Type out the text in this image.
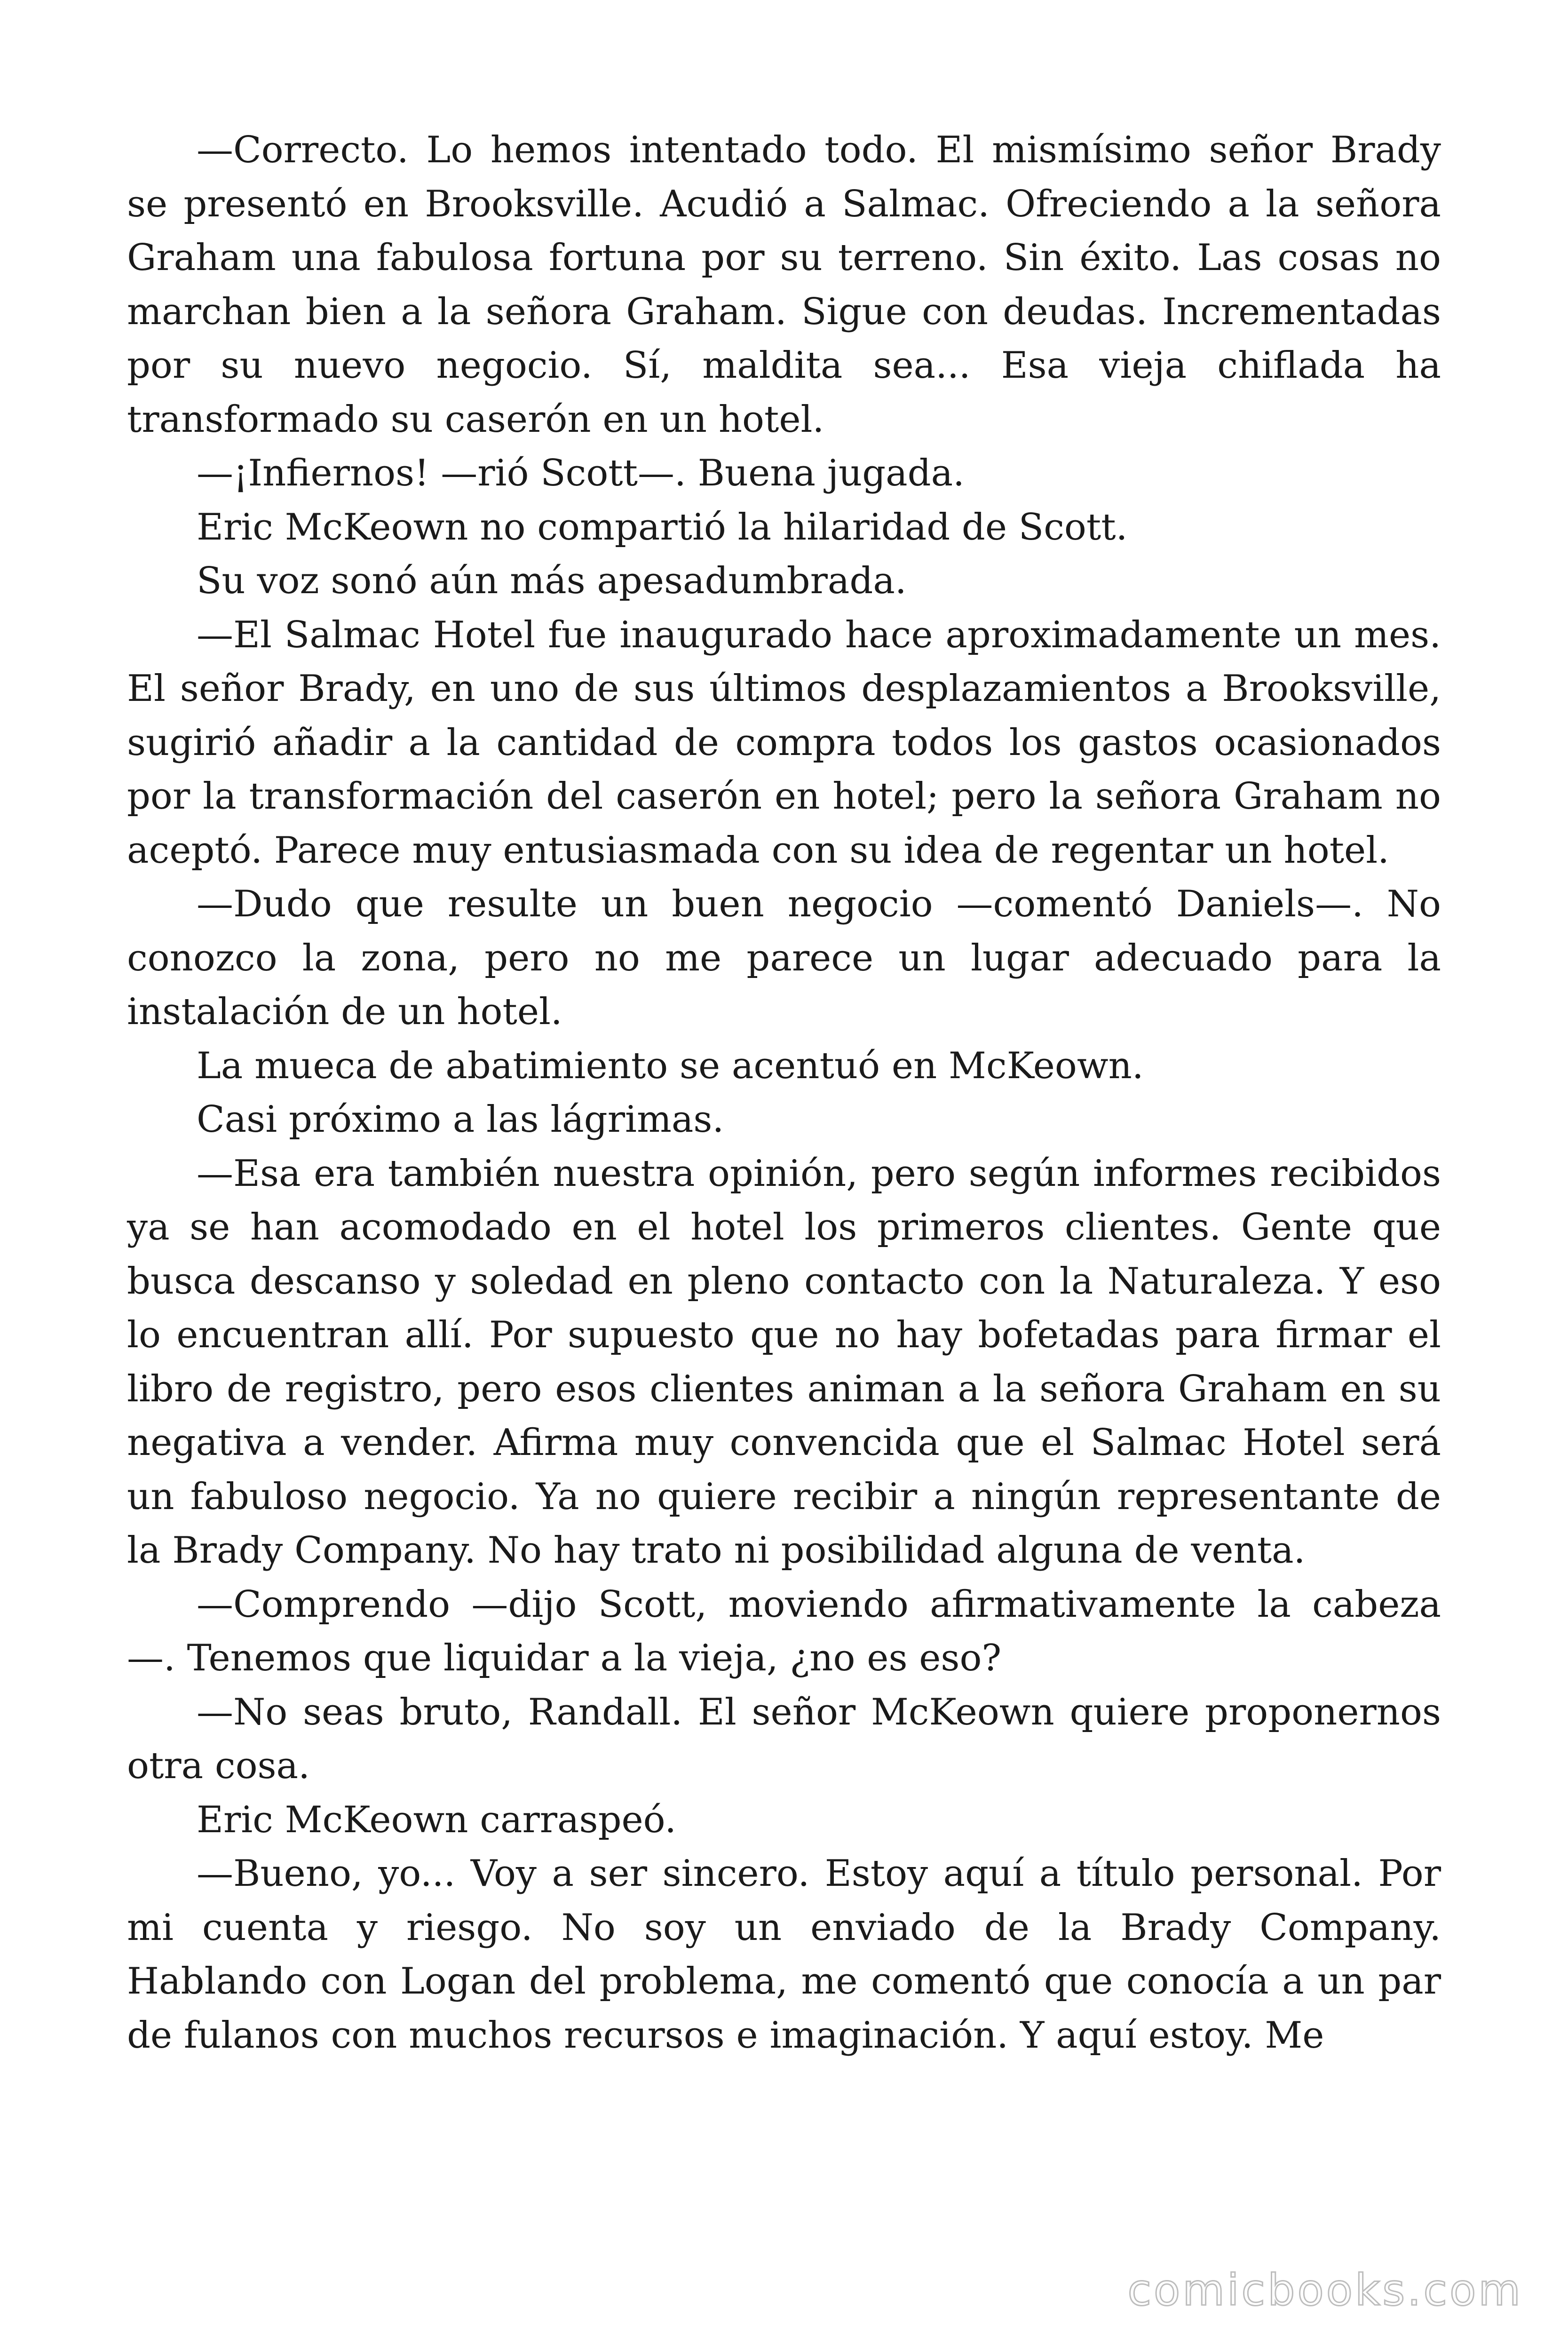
—Correcto. Lo hemos intentado todo. El mismísimo señor Brady se presentó en Brooksville. Acudió a Salmac. Ofreciendo a la señora Graham una fabulosa fortuna por su terreno. Sin éxito. Las cosas no marchan bien a la señora Graham. Sigue con deudas. Incrementadas por su nuevo negocio. Sí, maldita sea... Esa vieja chiflada ha transformado su caserón en un hotel.

—¡Infiernos! —rió Scott—. Buena jugada.

Eric McKeown no compartió la hilaridad de Scott.

Su voz sonó aún más apesadumbrada.

—El Salmac Hotel fue inaugurado hace aproximadamente un mes. El señor Brady, en uno de sus últimos desplazamientos a Brooksville, sugirió añadir a la cantidad de compra todos los gastos ocasionados por la transformación del caserón en hotel; pero la señora Graham no aceptó. Parece muy entusiasmada con su idea de regentar un hotel.

—Dudo que resulte un buen negocio —comentó Daniels—. No conozco la zona, pero no me parece un lugar adecuado para la instalación de un hotel.

La mueca de abatimiento se acentuó en McKeown.

Casi próximo a las lágrimas.

—Esa era también nuestra opinión, pero según informes recibidos ya se han acomodado en el hotel los primeros clientes. Gente que busca descanso y soledad en pleno contacto con la Naturaleza. Y eso lo encuentran allí. Por supuesto que no hay bofetadas para firmar el libro de registro, pero esos clientes animan a la señora Graham en su negativa a vender. Afirma muy convencida que el Salmac Hotel será un fabuloso negocio. Ya no quiere recibir a ningún representante de la Brady Company. No hay trato ni posibilidad alguna de venta.

—Comprendo —dijo Scott, moviendo afirmativamente la cabeza —. Tenemos que liquidar a la vieja, ¿no es eso?

—No seas bruto, Randall. El señor McKeown quiere proponernos otra cosa.

Eric McKeown carraspeó.

—Bueno, yo... Voy a ser sincero. Estoy aquí a título personal. Por mi cuenta y riesgo. No soy un enviado de la Brady Company. Hablando con Logan del problema, me comentó que conocía a un par de fulanos con muchos recursos e imaginación. Y aquí estoy. Me

comicbooks.com
